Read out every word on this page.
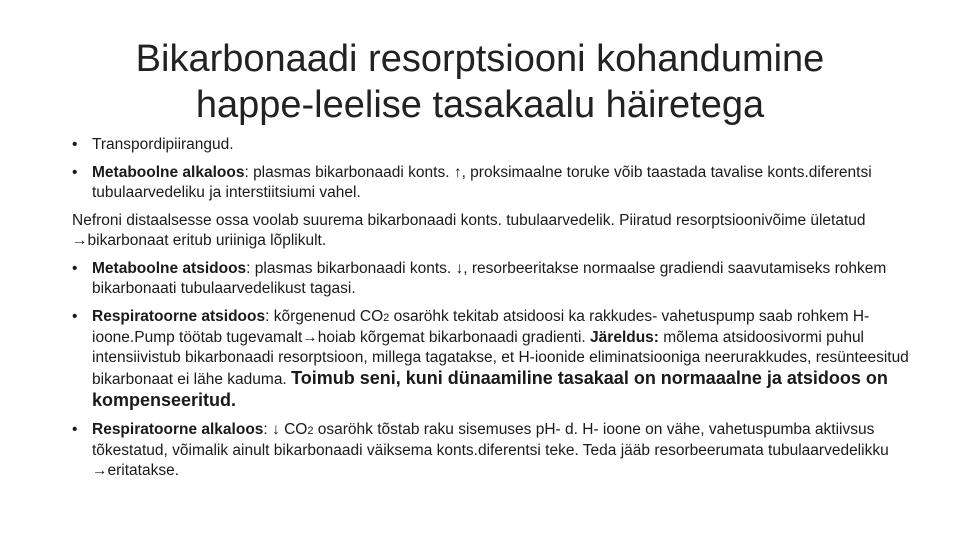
Bikarbonaadi resorptsiooni kohandumine
happe-leelise tasakaalu häiretega
• Transpordipiirangud.
• Metaboolne alkaloos: plasmas bikarbonaadi konts. ↑, proksimaalne toruke võib taastada tavalise konts.diferentsi tubulaarvedeliku ja interstiitsiumi vahel.
Nefroni distaalsesse ossa voolab suurema bikarbonaadi konts. tubulaarvedelik. Piiratud resorptsioonivõime ületatud →bikarbonaat eritub uriiniga lõplikult.
• Metaboolne atsidoos: plasmas bikarbonaadi konts. ↓, resorbeeritakse normaalse gradiendi saavutamiseks rohkem bikarbonaati tubulaarvedelikust tagasi.
• Respiratoorne atsidoos: kõrgenenud CO2 osaröhk tekitab atsidoosi ka rakkudes- vahetuspump saab rohkem H- ioone.Pump töötab tugevamalt→hoiab kõrgemat bikarbonaadi gradienti. Järeldus: mõlema atsidoosivormi puhul intensiivistub bikarbonaadi resorptsioon, millega tagatakse, et H-ioonide eliminatsiooniga neerurakkudes, resünteesitud bikarbonaat ei lähe kaduma. Toimub seni, kuni dünaamiline tasakaal on normaaalne ja atsidoos on kompenseeritud.
• Respiratoorne alkaloos: ↓ CO2 osaröhk tõstab raku sisemuses pH- d. H- ioone on vähe, vahetuspumba aktiivsus tõkestatud, võimalik ainult bikarbonaadi väiksema konts.diferentsi teke. Teda jääb resorbeerumata tubulaarvedelikku →eritatakse.
